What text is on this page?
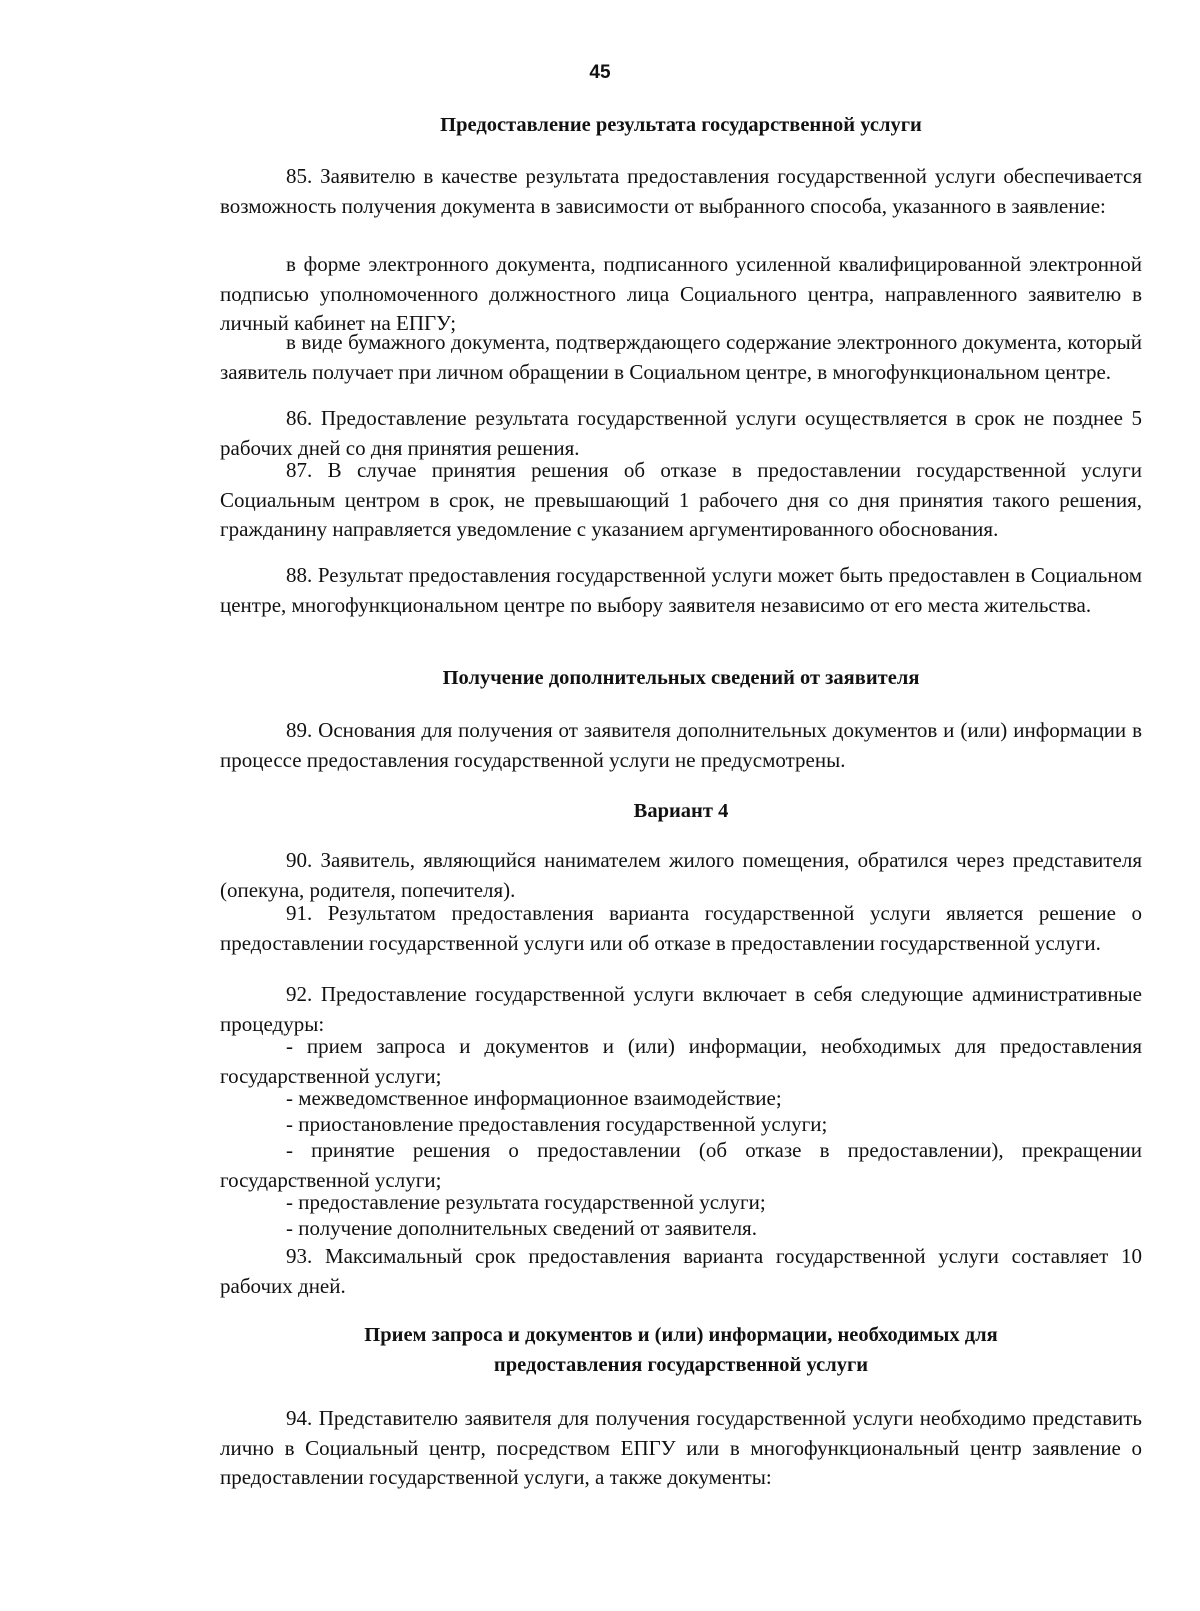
45
Предоставление результата государственной услуги
85. Заявителю в качестве результата предоставления государственной услуги обеспечивается возможность получения документа в зависимости от выбранного способа, указанного в заявление:
в форме электронного документа, подписанного усиленной квалифицированной электронной подписью уполномоченного должностного лица Социального центра, направленного заявителю в личный кабинет на ЕПГУ;
в виде бумажного документа, подтверждающего содержание электронного документа, который заявитель получает при личном обращении в Социальном центре, в многофункциональном центре.
86. Предоставление результата государственной услуги осуществляется в срок не позднее 5 рабочих дней со дня принятия решения.
87. В случае принятия решения об отказе в предоставлении государственной услуги Социальным центром в срок, не превышающий 1 рабочего дня со дня принятия такого решения, гражданину направляется уведомление с указанием аргументированного обоснования.
88. Результат предоставления государственной услуги может быть предоставлен в Социальном центре, многофункциональном центре по выбору заявителя независимо от его места жительства.
Получение дополнительных сведений от заявителя
89. Основания для получения от заявителя дополнительных документов и (или) информации в процессе предоставления государственной услуги не предусмотрены.
Вариант 4
90. Заявитель, являющийся нанимателем жилого помещения, обратился через представителя (опекуна, родителя, попечителя).
91. Результатом предоставления варианта государственной услуги является решение о предоставлении государственной услуги или об отказе в предоставлении государственной услуги.
92. Предоставление государственной услуги включает в себя следующие административные процедуры:
- прием запроса и документов и (или) информации, необходимых для предоставления государственной услуги;
- межведомственное информационное взаимодействие;
- приостановление предоставления государственной услуги;
- принятие решения о предоставлении (об отказе в предоставлении), прекращении государственной услуги;
- предоставление результата государственной услуги;
- получение дополнительных сведений от заявителя.
93. Максимальный срок предоставления варианта государственной услуги составляет 10 рабочих дней.
Прием запроса и документов и (или) информации, необходимых для
предоставления государственной услуги
94. Представителю заявителя для получения государственной услуги необходимо представить лично в Социальный центр, посредством ЕПГУ или в многофункциональный центр заявление о предоставлении государственной услуги, а также документы:
